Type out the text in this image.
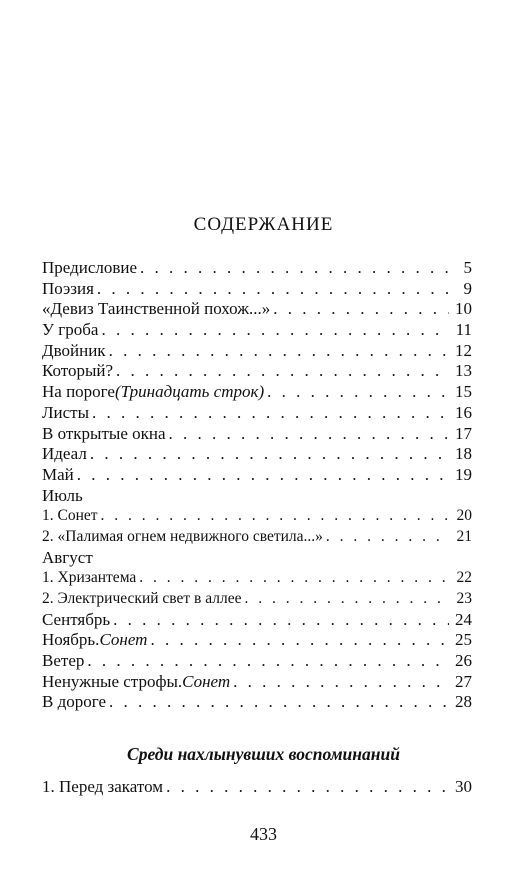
СОДЕРЖАНИЕ
Предисловие . . .	5
Поэзия . . .	9
«Девиз Таинственной похож...» . . .	10
У гроба . . .	11
Двойник . . .	12
Который? . . .	13
На пороге (Тринадцать строк) . . .	15
Листы . . .	16
В открытые окна . . .	17
Идеал . . .	18
Май . . .	19
Июль
1. Сонет . . .	20
2. «Палимая огнем недвижного светила...» . . .	21
Август
1. Хризантема . . .	22
2. Электрический свет в аллее . . .	23
Сентябрь . . .	24
Ноябрь. Сонет . . .	25
Ветер . . .	26
Ненужные строфы. Сонет . . .	27
В дороге . . .	28
Среди нахлынувших воспоминаний
1. Перед закатом . . .	30
433
